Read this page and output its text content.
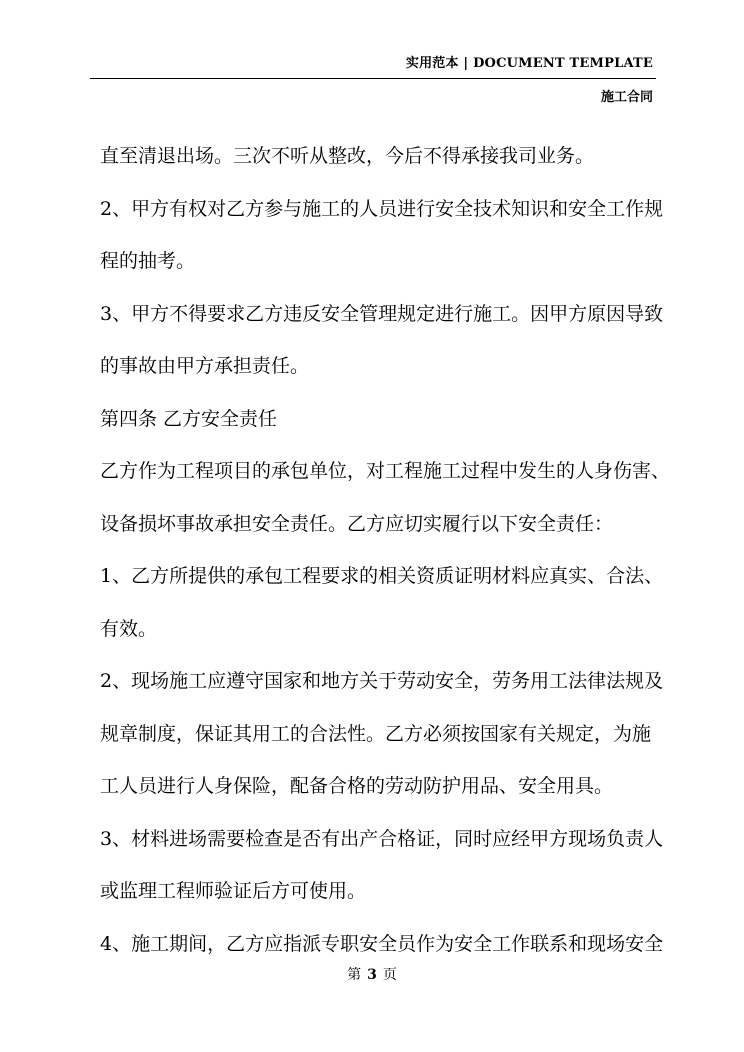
实用范本 | DOCUMENT TEMPLATE
施工合同
直至清退出场。三次不听从整改，今后不得承接我司业务。
2、甲方有权对乙方参与施工的人员进行安全技术知识和安全工作规
程的抽考。
3、甲方不得要求乙方违反安全管理规定进行施工。因甲方原因导致
的事故由甲方承担责任。
第四条 乙方安全责任
乙方作为工程项目的承包单位，对工程施工过程中发生的人身伤害、
设备损坏事故承担安全责任。乙方应切实履行以下安全责任：
1、乙方所提供的承包工程要求的相关资质证明材料应真实、合法、
有效。
2、现场施工应遵守国家和地方关于劳动安全，劳务用工法律法规及
规章制度，保证其用工的合法性。乙方必须按国家有关规定，为施
工人员进行人身保险，配备合格的劳动防护用品、安全用具。
3、材料进场需要检查是否有出产合格证，同时应经甲方现场负责人
或监理工程师验证后方可使用。
4、施工期间，乙方应指派专职安全员作为安全工作联系和现场安全
第 3 页
